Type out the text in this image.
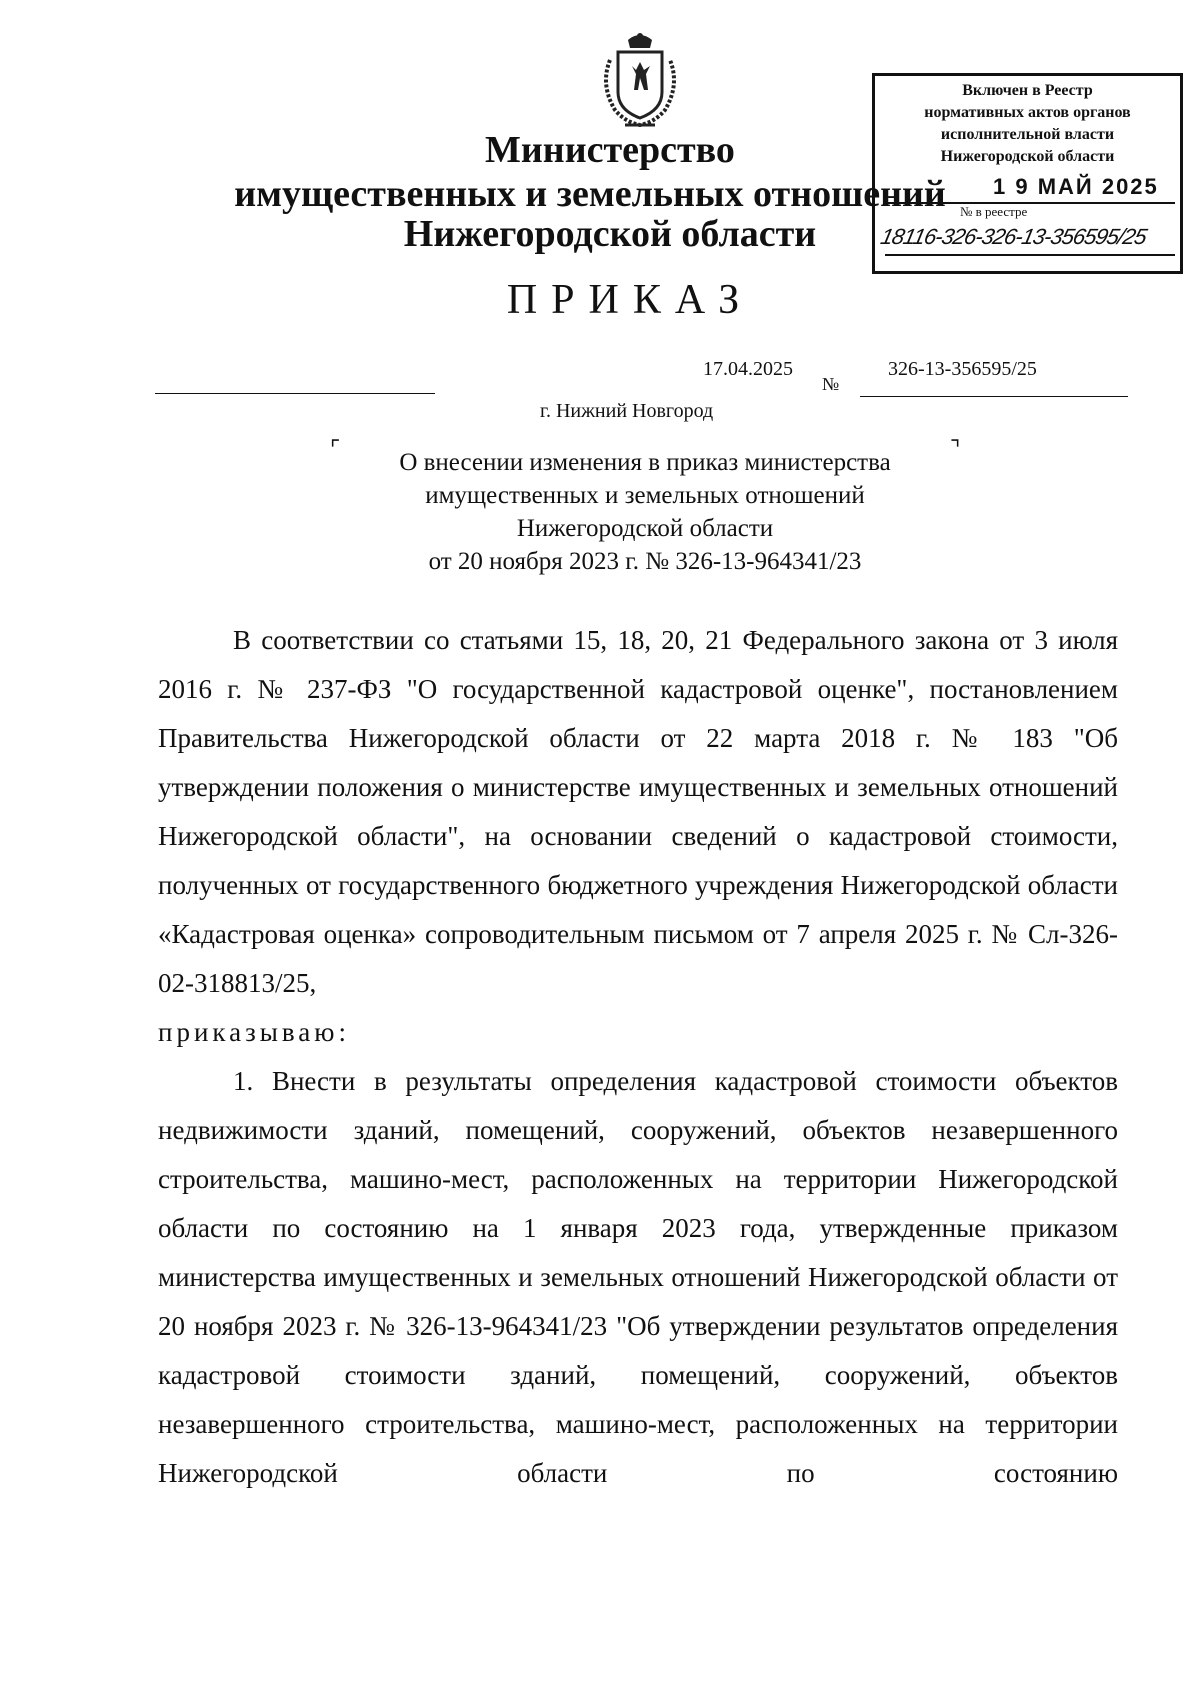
Министерство
имущественных и земельных отношений
Нижегородской области
ПРИКАЗ
Включен в Реестр
нормативных актов органов
исполнительной власти
Нижегородской области
1 9 МАЙ 2025
№ в реестре
18116-326-326-13-356595/25
17.04.2025
№
326-13-356595/25
г. Нижний Новгород
⌜	⌝
О внесении изменения в приказ министерства
имущественных и земельных отношений
Нижегородской области
от 20 ноября 2023 г. № 326-13-964341/23

В соответствии со статьями 15, 18, 20, 21 Федерального закона от 3 июля 2016 г. № 237-ФЗ "О государственной кадастровой оценке", постановлением Правительства Нижегородской области от 22 марта 2018 г. № 183 "Об утверждении положения о министерстве имущественных и земельных отношений Нижегородской области", на основании сведений о кадастровой стоимости, полученных от государственного бюджетного учреждения Нижегородской области «Кадастровая оценка» сопроводительным письмом от 7 апреля 2025 г. № Сл-326-02-318813/25,

приказываю:

1. Внести в результаты определения кадастровой стоимости объектов недвижимости зданий, помещений, сооружений, объектов незавершенного строительства, машино-мест, расположенных на территории Нижегородской области по состоянию на 1 января 2023 года, утвержденные приказом министерства имущественных и земельных отношений Нижегородской области от 20 ноября 2023 г. № 326-13-964341/23 "Об утверждении результатов определения кадастровой стоимости зданий, помещений, сооружений, объектов незавершенного строительства, машино-мест, расположенных на территории Нижегородской области по состоянию
